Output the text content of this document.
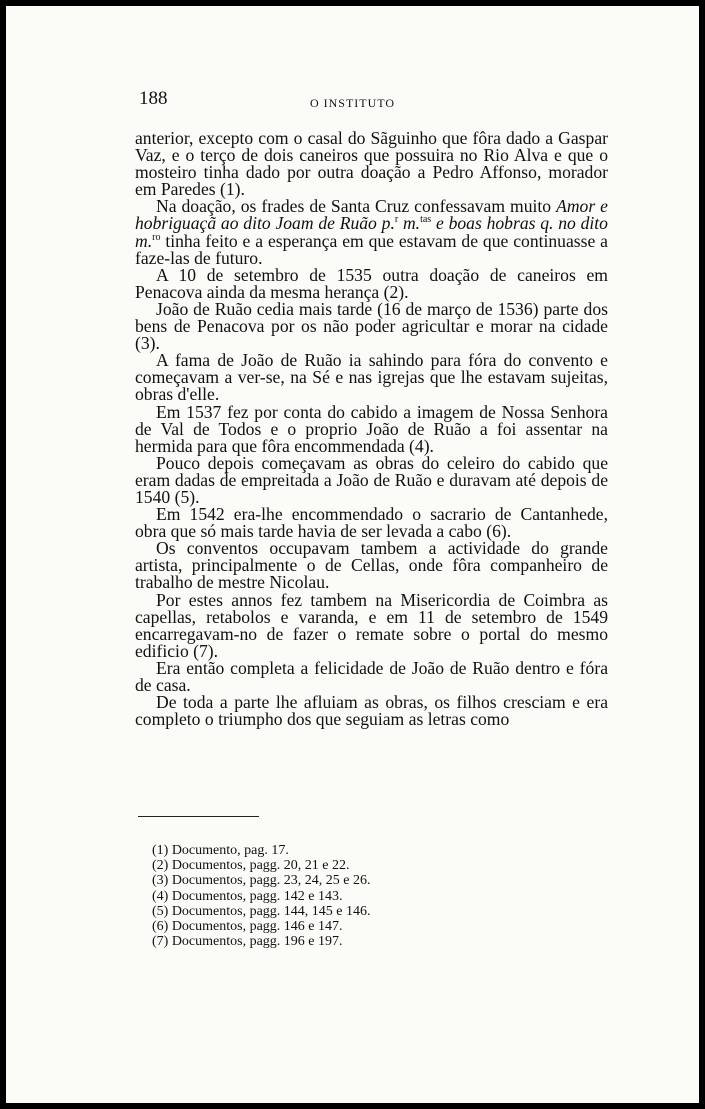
188	O INSTITUTO

anterior, excepto com o casal do Sãguinho que fôra dado a Gaspar Vaz, e o terço de dois caneiros que possuira no Rio Alva e que o mosteiro tinha dado por outra doação a Pedro Affonso, morador em Paredes (1).

Na doação, os frades de Santa Cruz confessavam muito Amor e hobriguaçã ao dito Joam de Ruão p.$^r$ m.$^{tas}$ e boas hobras q. no dito m.$^{ro}$ tinha feito e a esperança em que estavam de que continuasse a faze-las de futuro.

A 10 de setembro de 1535 outra doação de caneiros em Penacova ainda da mesma herança (2).

João de Ruão cedia mais tarde (16 de março de 1536) parte dos bens de Penacova por os não poder agricultar e morar na cidade (3).

A fama de João de Ruão ia sahindo para fóra do convento e começavam a ver-se, na Sé e nas igrejas que lhe estavam sujeitas, obras d'elle.

Em 1537 fez por conta do cabido a imagem de Nossa Senhora de Val de Todos e o proprio João de Ruão a foi assentar na hermida para que fôra encommendada (4).

Pouco depois começavam as obras do celeiro do cabido que eram dadas de empreitada a João de Ruão e duravam até depois de 1540 (5).

Em 1542 era-lhe encommendado o sacrario de Cantanhede, obra que só mais tarde havia de ser levada a cabo (6).

Os conventos occupavam tambem a actividade do grande artista, principalmente o de Cellas, onde fôra companheiro de trabalho de mestre Nicolau.

Por estes annos fez tambem na Misericordia de Coimbra as capellas, retabolos e varanda, e em 11 de setembro de 1549 encarregavam-no de fazer o remate sobre o portal do mesmo edificio (7).

Era então completa a felicidade de João de Ruão dentro e fóra de casa.

De toda a parte lhe afluiam as obras, os filhos cresciam e era completo o triumpho dos que seguiam as letras como

(1) Documento, pag. 17.
(2) Documentos, pagg. 20, 21 e 22.
(3) Documentos, pagg. 23, 24, 25 e 26.
(4) Documentos, pagg. 142 e 143.
(5) Documentos, pagg. 144, 145 e 146.
(6) Documentos, pagg. 146 e 147.
(7) Documentos, pagg. 196 e 197.
